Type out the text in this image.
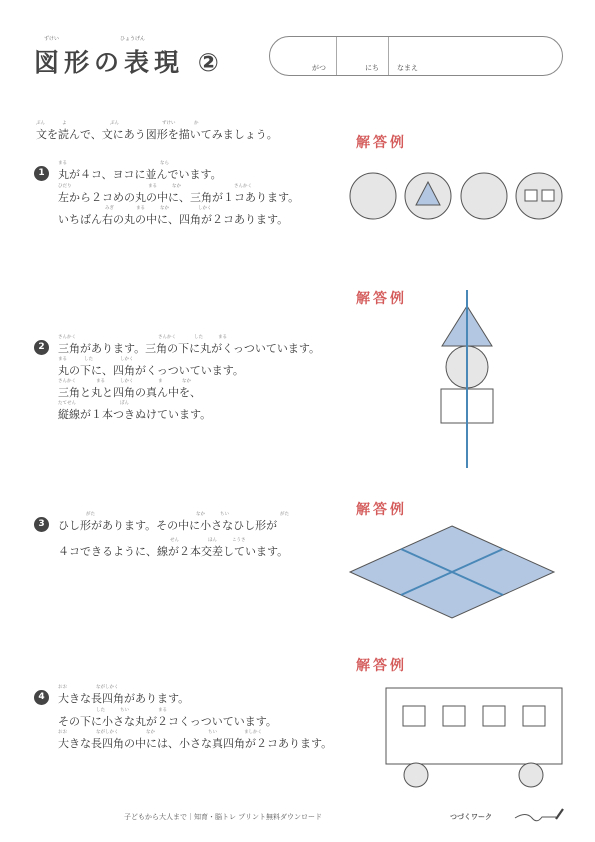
ずけい	ひょうげん
図形の表現 ②	がつ	にち	なまえ
ぶん	よ	ぶん	ずけい	か
文を読んで、文にあう図形を描いてみましょう。
解答例
解答例
解答例
解答例
1
まる	なら
丸が４コ、ヨコに並んでいます。
ひだり	まる	なか	さんかく
左から２コめの丸の中に、三角が１コあります。
みぎ	まる	なか	しかく
いちばん右の丸の中に、四角が２コあります。
2
さんかく	さんかく	した	まる
三角があります。三角の下に丸がくっついています。
まる	した	しかく
丸の下に、四角がくっついています。
さんかく	まる	しかく	ま	なか
三角と丸と四角の真ん中を、
たてせん	ぽん
縦線が１本つきぬけています。
3
がた	なか	ちい	がた
ひし形があります。その中に小さなひし形が
せん	ほん	こうさ
４コできるように、線が２本交差しています。
4
おお	ながしかく
大きな長四角があります。
した	ちい	まる
その下に小さな丸が２コくっついています。
おお	ながしかく	なか	ちい	ましかく
大きな長四角の中には、小さな真四角が２コあります。
子どもから大人まで｜知育・脳トレ プリント無料ダウンロード	つづくワーク
